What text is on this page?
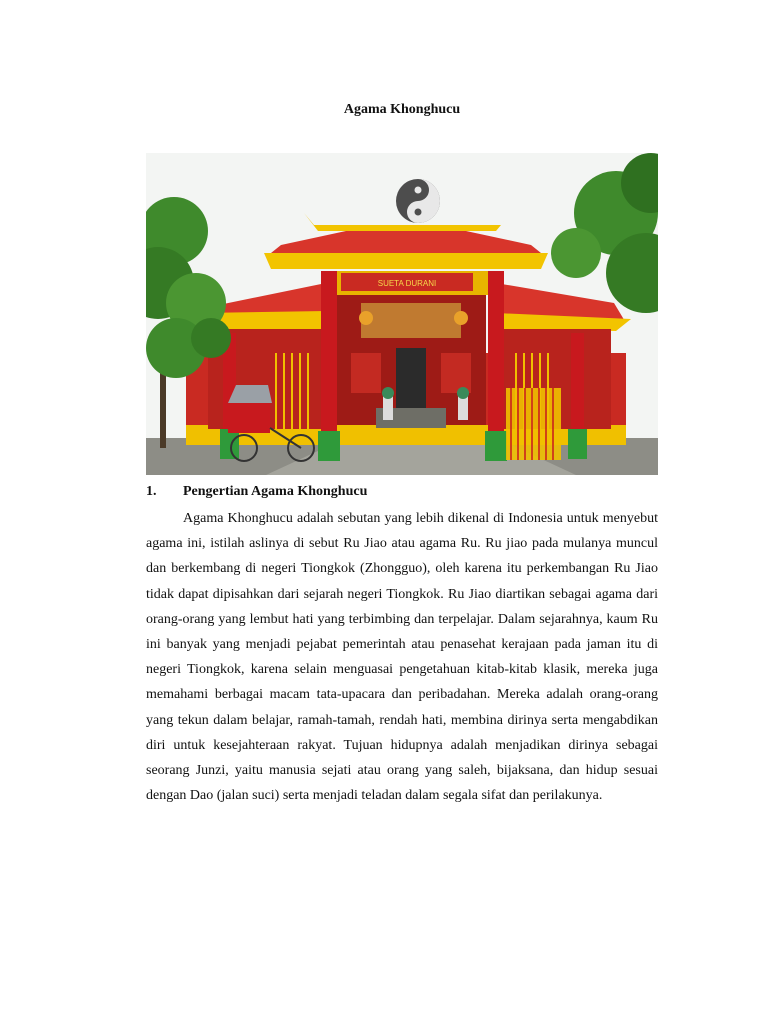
Agama Khonghucu
SUETA DURANI
1.	Pengertian Agama Khonghucu

Agama Khonghucu adalah sebutan yang lebih dikenal di Indonesia untuk menyebut agama ini, istilah aslinya di sebut Ru Jiao atau agama Ru. Ru jiao pada mulanya muncul dan berkembang di negeri Tiongkok (Zhongguo), oleh karena itu perkembangan Ru Jiao tidak dapat dipisahkan dari sejarah negeri Tiongkok. Ru Jiao diartikan sebagai agama dari orang-orang yang lembut hati yang terbimbing dan terpelajar. Dalam sejarahnya, kaum Ru ini banyak yang menjadi pejabat pemerintah atau penasehat kerajaan pada jaman itu di negeri Tiongkok, karena selain menguasai pengetahuan kitab-kitab klasik, mereka juga memahami berbagai macam tata-upacara dan peribadahan. Mereka adalah orang-orang yang tekun dalam belajar, ramah-tamah, rendah hati, membina dirinya serta mengabdikan diri untuk kesejahteraan rakyat. Tujuan hidupnya adalah menjadikan dirinya sebagai seorang Junzi, yaitu manusia sejati atau orang yang saleh, bijaksana, dan hidup sesuai dengan Dao (jalan suci) serta menjadi teladan dalam segala sifat dan perilakunya.
